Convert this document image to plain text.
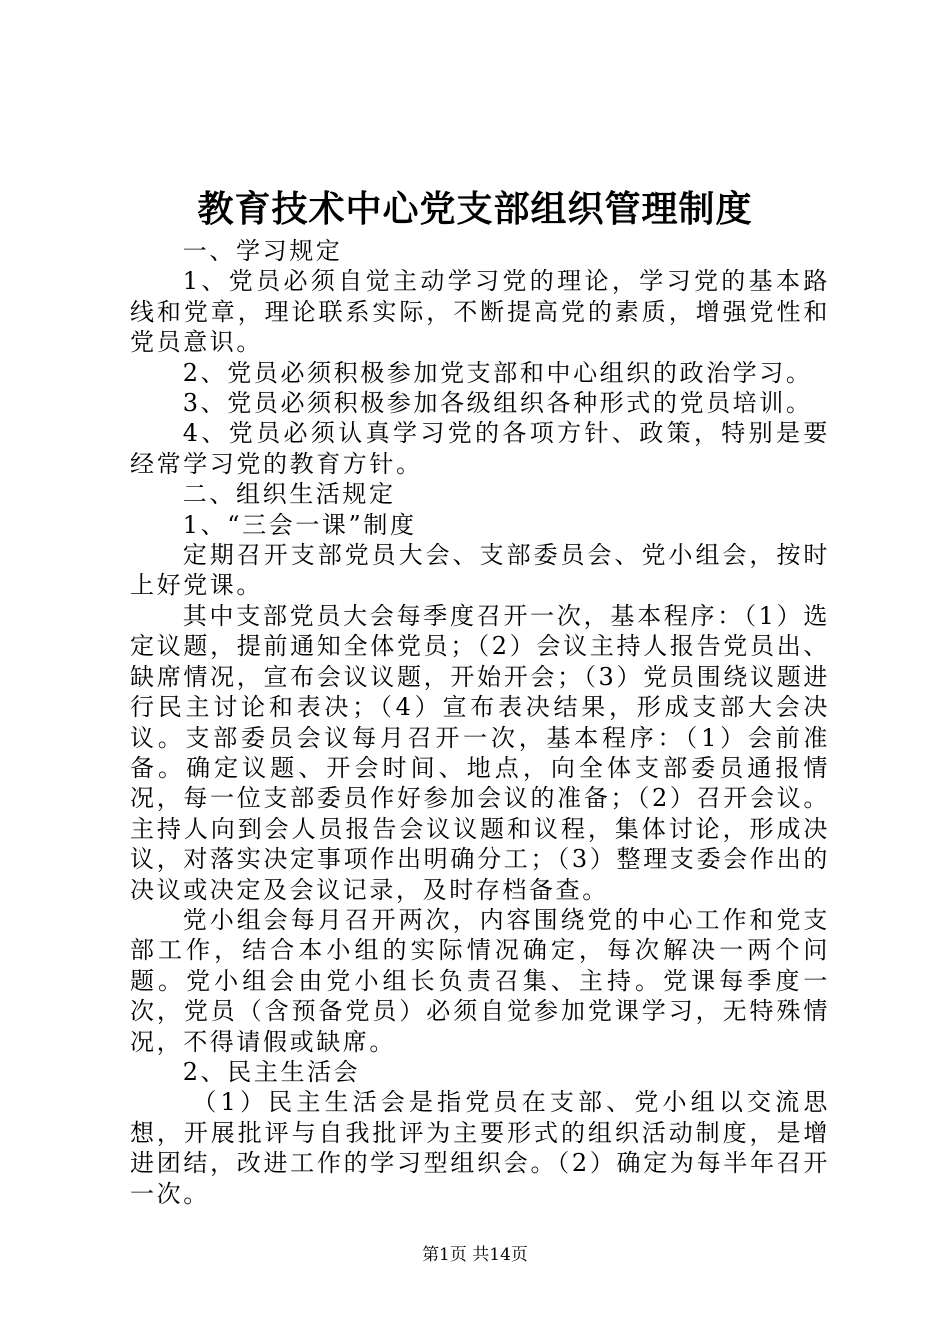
教育技术中心党支部组织管理制度

一、学习规定

1、党员必须自觉主动学习党的理论，学习党的基本路线和党章，理论联系实际，不断提高党的素质，增强党性和党员意识。

2、党员必须积极参加党支部和中心组织的政治学习。

3、党员必须积极参加各级组织各种形式的党员培训。

4、党员必须认真学习党的各项方针、政策，特别是要经常学习党的教育方针。

二、组织生活规定

1、“三会一课”制度

定期召开支部党员大会、支部委员会、党小组会，按时上好党课。

其中支部党员大会每季度召开一次，基本程序：（1）选定议题，提前通知全体党员；（2）会议主持人报告党员出、缺席情况，宣布会议议题，开始开会；（3）党员围绕议题进行民主讨论和表决；（4）宣布表决结果，形成支部大会决议。支部委员会议每月召开一次，基本程序：（1）会前准备。确定议题、开会时间、地点，向全体支部委员通报情况，每一位支部委员作好参加会议的准备；（2）召开会议。主持人向到会人员报告会议议题和议程，集体讨论，形成决议，对落实决定事项作出明确分工；（3）整理支委会作出的决议或决定及会议记录，及时存档备查。

党小组会每月召开两次，内容围绕党的中心工作和党支部工作，结合本小组的实际情况确定，每次解决一两个问题。党小组会由党小组长负责召集、主持。党课每季度一次，党员（含预备党员）必须自觉参加党课学习，无特殊情况，不得请假或缺席。

2、民主生活会

（1）民主生活会是指党员在支部、党小组以交流思想，开展批评与自我批评为主要形式的组织活动制度，是增进团结，改进工作的学习型组织会。（2）确定为每半年召开一次。

第1页 共14页
